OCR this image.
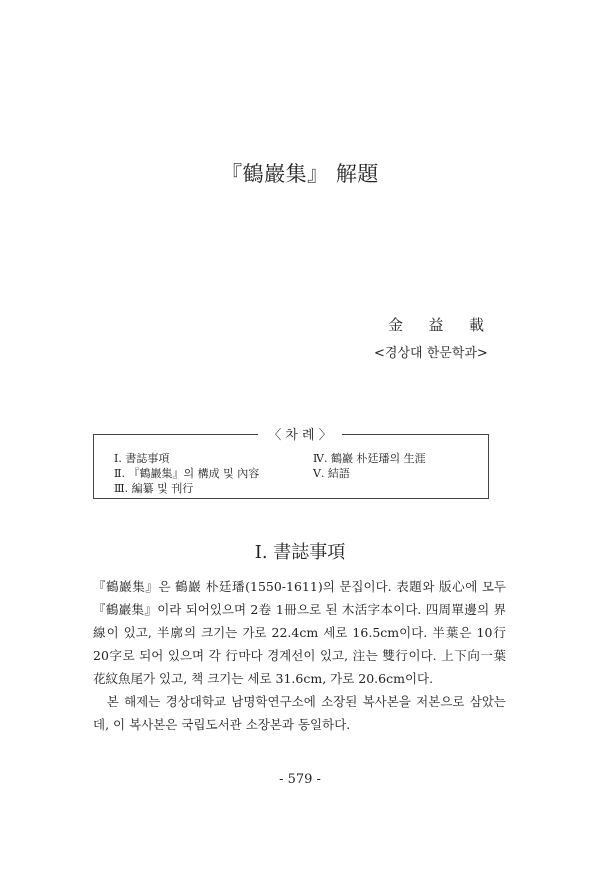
『鶴巖集』 解題
金 益 載
<경상대 한문학과>
〈 차 례 〉
Ⅰ. 書誌事項
Ⅱ. 『鶴巖集』의 構成 및 內容
Ⅲ. 編纂 및 刊行
Ⅳ. 鶴巖 朴廷璠의 生涯
Ⅴ. 結語
Ⅰ. 書誌事項

『鶴巖集』은 鶴巖 朴廷璠(1550-1611)의 문집이다. 表題와 版心에 모두 『鶴巖集』이라 되어있으며 2卷 1冊으로 된 木活字本이다. 四周單邊의 界線이 있고, 半廓의 크기는 가로 22.4cm 세로 16.5cm이다. 半葉은 10行 20字로 되어 있으며 각 行마다 경계선이 있고, 注는 雙行이다. 上下向一葉花紋魚尾가 있고, 책 크기는 세로 31.6cm, 가로 20.6cm이다.

본 해제는 경상대학교 남명학연구소에 소장된 복사본을 저본으로 삼았는데, 이 복사본은 국립도서관 소장본과 동일하다.

- 579 -
